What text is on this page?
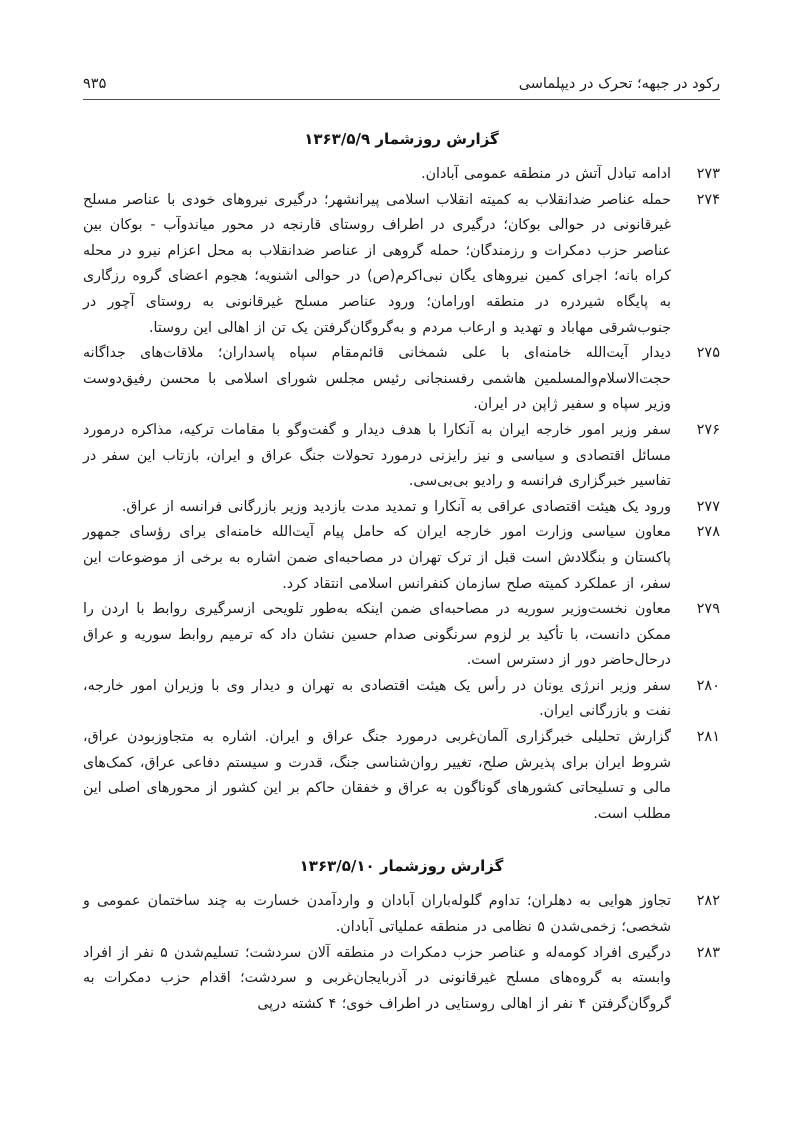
رکود در جبهه؛ تحرک در دیپلماسی
۹۳۵
گزارش روزشمار ۱۳۶۳/۵/۹
۲۷۳

ادامه تبادل آتش در منطقه عمومی آبادان.

۲۷۴

حمله عناصر ضدانقلاب به کمیته انقلاب اسلامی پیرانشهر؛ درگیری نیروهای خودی با عناصر مسلح غیرقانونی در حوالی بوکان؛ درگیری در اطراف روستای قارنجه در محور میاندوآب - بوکان بین عناصر حزب دمکرات و رزمندگان؛ حمله گروهی از عناصر ضدانقلاب به محل اعزام نیرو در محله کراه بانه؛ اجرای کمین نیروهای یگان نبی‌اکرم(ص) در حوالی اشنویه؛ هجوم اعضای گروه رزگاری به پایگاه شیردره در منطقه اورامان؛ ورود عناصر مسلح غیرقانونی به روستای آچور در جنوب‌شرقی مهاباد و تهدید و ارعاب مردم و به‌گروگان‌گرفتن یک تن از اهالی این روستا.

۲۷۵

دیدار آیت‌الله خامنه‌ای با علی شمخانی قائم‌مقام سپاه پاسداران؛ ملاقات‌های جداگانه حجت‌الاسلام‌والمسلمین هاشمی رفسنجانی رئیس مجلس شورای اسلامی با محسن رفیق‌دوست وزیر سپاه و سفیر ژاپن در ایران.

۲۷۶

سفر وزیر امور خارجه ایران به آنکارا با هدف دیدار و گفت‌وگو با مقامات ترکیه، مذاکره درمورد مسائل اقتصادی و سیاسی و نیز رایزنی درمورد تحولات جنگ عراق و ایران، بازتاب این سفر در تفاسیر خبرگزاری فرانسه و رادیو بی‌بی‌سی.

۲۷۷

ورود یک هیئت اقتصادی عراقی به آنکارا و تمدید مدت بازدید وزیر بازرگانی فرانسه از عراق.

۲۷۸

معاون سیاسی وزارت امور خارجه ایران که حامل پیام آیت‌الله خامنه‌ای برای رؤسای جمهور پاکستان و بنگلادش است قبل از ترک تهران در مصاحبه‌ای ضمن اشاره به برخی از موضوعات این سفر، از عملکرد کمیته صلح سازمان کنفرانس اسلامی انتقاد کرد.

۲۷۹

معاون نخست‌وزیر سوریه در مصاحبه‌ای ضمن اینکه به‌طور تلویحی ازسرگیری روابط با اردن را ممکن دانست، با تأکید بر لزوم سرنگونی صدام حسین نشان داد که ترمیم روابط سوریه و عراق درحال‌حاضر دور از دسترس است.

۲۸۰

سفر وزیر انرژی یونان در رأس یک هیئت اقتصادی به تهران و دیدار وی با وزیران امور خارجه، نفت و بازرگانی ایران.

۲۸۱

گزارش تحلیلی خبرگزاری آلمان‌غربی درمورد جنگ عراق و ایران. اشاره به متجاوزبودن عراق، شروط ایران برای پذیرش صلح، تغییر روان‌شناسی جنگ، قدرت و سیستم دفاعی عراق، کمک‌های مالی و تسلیحاتی کشورهای گوناگون به عراق و خفقان حاکم بر این کشور از محورهای اصلی این مطلب است.

گزارش روزشمار ۱۳۶۳/۵/۱۰
۲۸۲

تجاوز هوایی به دهلران؛ تداوم گلوله‌باران آبادان و واردآمدن خسارت به چند ساختمان عمومی و شخصی؛ زخمی‌شدن ۵ نظامی در منطقه عملیاتی آبادان.

۲۸۳

درگیری افراد کومه‌له و عناصر حزب دمکرات در منطقه آلان سردشت؛ تسلیم‌شدن ۵ نفر از افراد وابسته به گروه‌های مسلح غیرقانونی در آذربایجان‌غربی و سردشت؛ اقدام حزب دمکرات به گروگان‌گرفتن ۴ نفر از اهالی روستایی در اطراف خوی؛ ۴ کشته درپی
